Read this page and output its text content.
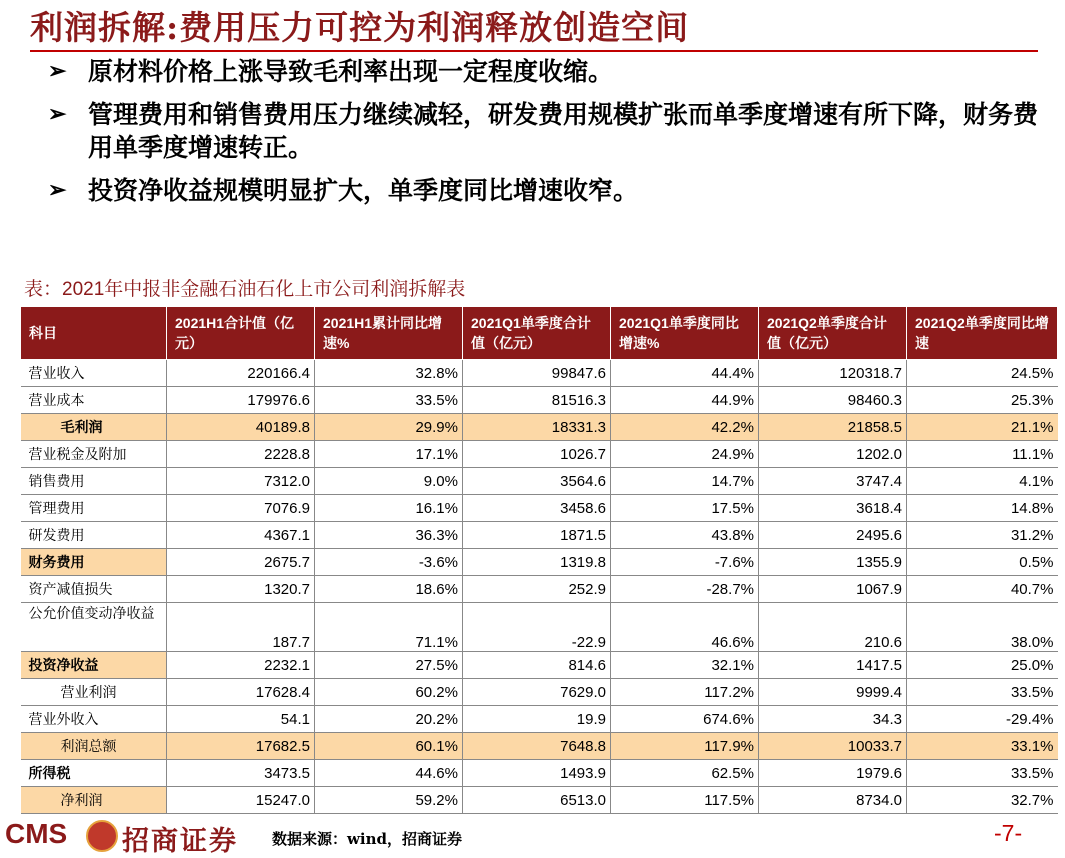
利润拆解:费用压力可控为利润释放创造空间
➢ 原材料价格上涨导致毛利率出现一定程度收缩。
➢ 管理费用和销售费用压力继续减轻，研发费用规模扩张而单季度增速有所下降，财务费用单季度增速转正。
➢ 投资净收益规模明显扩大，单季度同比增速收窄。
表：2021年中报非金融石油石化上市公司利润拆解表
科目	2021H1合计值（亿元）	2021H1累计同比增速%	2021Q1单季度合计值（亿元）	2021Q1单季度同比增速%	2021Q2单季度合计值（亿元）	2021Q2单季度同比增速
营业收入	220166.4	32.8%	99847.6	44.4%	120318.7	24.5%
营业成本	179976.6	33.5%	81516.3	44.9%	98460.3	25.3%
毛利润	40189.8	29.9%	18331.3	42.2%	21858.5	21.1%
营业税金及附加	2228.8	17.1%	1026.7	24.9%	1202.0	11.1%
销售费用	7312.0	9.0%	3564.6	14.7%	3747.4	4.1%
管理费用	7076.9	16.1%	3458.6	17.5%	3618.4	14.8%
研发费用	4367.1	36.3%	1871.5	43.8%	2495.6	31.2%
财务费用	2675.7	-3.6%	1319.8	-7.6%	1355.9	0.5%
资产减值损失	1320.7	18.6%	252.9	-28.7%	1067.9	40.7%
公允价值变动净收益	187.7	71.1%	-22.9	46.6%	210.6	38.0%
投资净收益	2232.1	27.5%	814.6	32.1%	1417.5	25.0%
营业利润	17628.4	60.2%	7629.0	117.2%	9999.4	33.5%
营业外收入	54.1	20.2%	19.9	674.6%	34.3	-29.4%
利润总额	17682.5	60.1%	7648.8	117.9%	10033.7	33.1%
所得税	3473.5	44.6%	1493.9	62.5%	1979.6	33.5%
净利润	15247.0	59.2%	6513.0	117.5%	8734.0	32.7%
CMS 招商证券 数据来源：wind，招商证券	-7-
